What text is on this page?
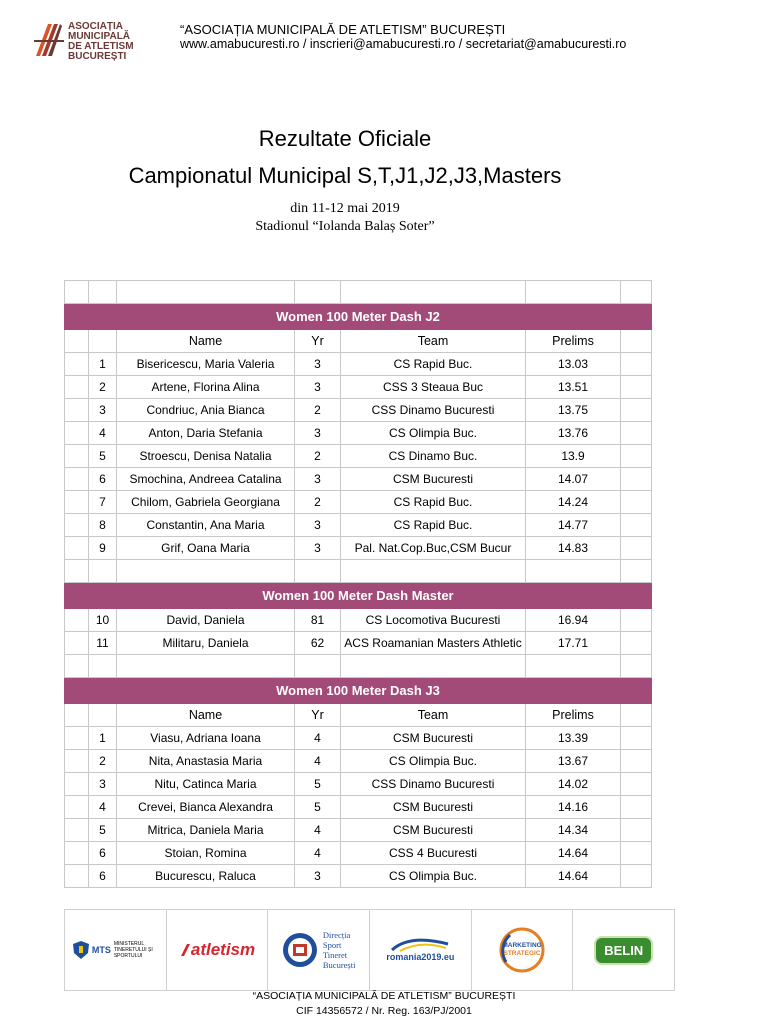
ASOCIAȚIA
MUNICIPALĂ
DE ATLETISM
BUCUREȘTI
“ASOCIAȚIA MUNICIPALĂ DE ATLETISM” BUCUREȘTI
www.amabucuresti.ro / inscrieri@amabucuresti.ro / secretariat@amabucuresti.ro
Rezultate Oficiale
Campionatul Municipal S,T,J1,J2,J3,Masters
din 11-12 mai 2019
Stadionul “Iolanda Balaș Soter”

Women 100 Meter Dash J2						
		Name	Yr	Team	Prelims	
	1	Bisericescu, Maria Valeria	3	CS Rapid Buc.	13.03	
	2	Artene, Florina Alina	3	CSS 3 Steaua Buc	13.51	
	3	Condriuc, Ania Bianca	2	CSS Dinamo Bucuresti	13.75	
	4	Anton, Daria Stefania	3	CS Olimpia Buc.	13.76	
	5	Stroescu, Denisa Natalia	2	CS Dinamo Buc.	13.9	
	6	Smochina, Andreea Catalina	3	CSM Bucuresti	14.07	
	7	Chilom, Gabriela Georgiana	2	CS Rapid Buc.	14.24	
	8	Constantin, Ana Maria	3	CS Rapid Buc.	14.77	
	9	Grif, Oana Maria	3	Pal. Nat.Cop.Buc,CSM Bucur	14.83	

Women 100 Meter Dash Master						
	10	David, Daniela	81	CS Locomotiva Bucuresti	16.94	
	11	Militaru, Daniela	62	ACS Roamanian Masters Athletic	17.71	

Women 100 Meter Dash J3						
		Name	Yr	Team	Prelims	
	1	Viasu, Adriana Ioana	4	CSM Bucuresti	13.39	
	2	Nita, Anastasia Maria	4	CS Olimpia Buc.	13.67	
	3	Nitu, Catinca Maria	5	CSS Dinamo Bucuresti	14.02	
	4	Crevei, Bianca Alexandra	5	CSM Bucuresti	14.16	
	5	Mitrica, Daniela Maria	4	CSM Bucuresti	14.34	
	6	Stoian, Romina	4	CSS 4 Bucuresti	14.64	
	6	Bucurescu, Raluca	3	CS Olimpia Buc.	14.64	
MTS
MINISTERUL TINERETULUI ȘI SPORTULUI	atletism
Direcția
Sport
Tineret
București
romania2019.eu
MARKETING
STRATEGIC	BELIN
“ASOCIAȚIA MUNICIPALĂ DE ATLETISM” BUCUREȘTI
CIF 14356572 / Nr. Reg. 163/PJ/2001
